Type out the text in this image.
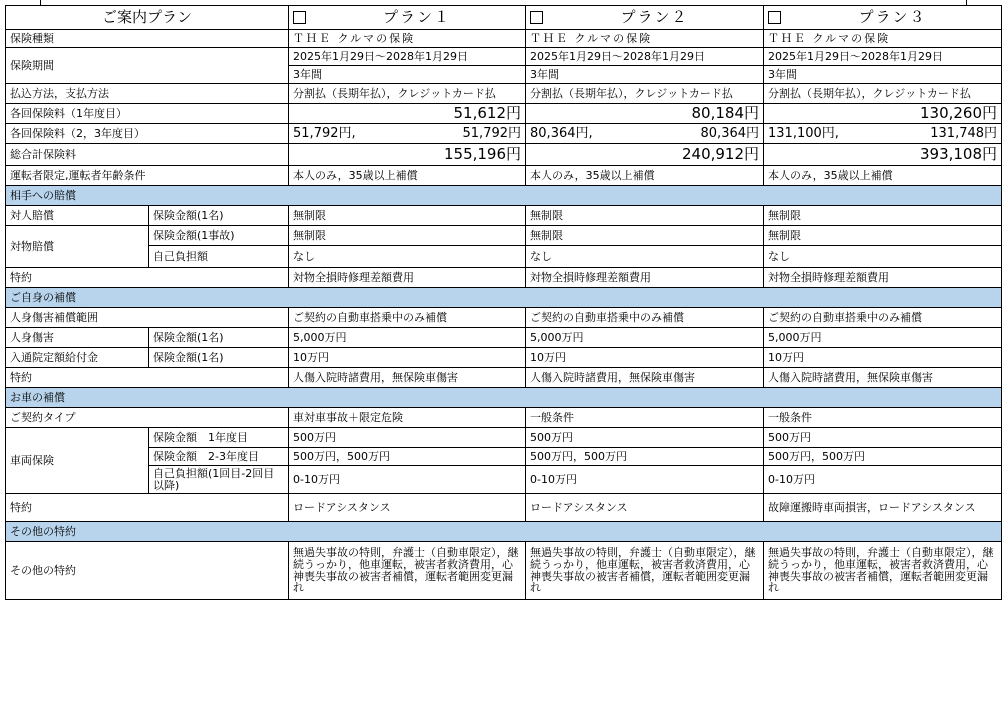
ご案内プラン		プラン１	プラン２	プラン３

保険種類		ＴＨＥ クルマの保険	ＴＨＥ クルマの保険	ＴＨＥ クルマの保険
保険期間		2025年1月29日～2028年1月29日	2025年1月29日～2028年1月29日	2025年1月29日～2028年1月29日
		3年間	3年間	3年間
払込方法，支払方法		分割払（長期年払），クレジットカード払	分割払（長期年払），クレジットカード払	分割払（長期年払），クレジットカード払
各回保険料（1年度目）		51,612円	80,184円	130,260円
各回保険料（2，3年度目）		51,792円, 51,792円	80,364円, 80,364円	131,100円, 131,748円

総合計保険料		155,196円	240,912円	393,108円
運転者限定,運転者年齢条件		本人のみ，35歳以上補償	本人のみ，35歳以上補償	本人のみ，35歳以上補償
相手への賠償				
対人賠償	保険金額(1名)	無制限	無制限	無制限
対物賠償	保険金額(1事故)	無制限	無制限	無制限
	自己負担額	なし	なし	なし
特約		対物全損時修理差額費用	対物全損時修理差額費用	対物全損時修理差額費用
ご自身の補償				
人身傷害補償範囲		ご契約の自動車搭乗中のみ補償	ご契約の自動車搭乗中のみ補償	ご契約の自動車搭乗中のみ補償
人身傷害	保険金額(1名)	5,000万円	5,000万円	5,000万円
入通院定額給付金	保険金額(1名)	10万円	10万円	10万円
特約		人傷入院時諸費用，無保険車傷害	人傷入院時諸費用，無保険車傷害	人傷入院時諸費用，無保険車傷害
お車の補償				
ご契約タイプ		車対車事故＋限定危険	一般条件	一般条件
車両保険	保険金額　1年度目	500万円	500万円	500万円
	保険金額　2-3年度目	500万円，500万円	500万円，500万円	500万円，500万円
	自己負担額(1回目-2回目以降)	0-10万円	0-10万円	0-10万円
特約		ロードアシスタンス	ロードアシスタンス	故障運搬時車両損害，ロードアシスタンス
その他の特約				
その他の特約		無過失事故の特則，弁護士（自動車限定），継続うっかり，他車運転，被害者救済費用，心神喪失事故の被害者補償，運転者範囲変更漏れ	無過失事故の特則，弁護士（自動車限定），継続うっかり，他車運転，被害者救済費用，心神喪失事故の被害者補償，運転者範囲変更漏れ	無過失事故の特則，弁護士（自動車限定），継続うっかり，他車運転，被害者救済費用，心神喪失事故の被害者補償，運転者範囲変更漏れ
